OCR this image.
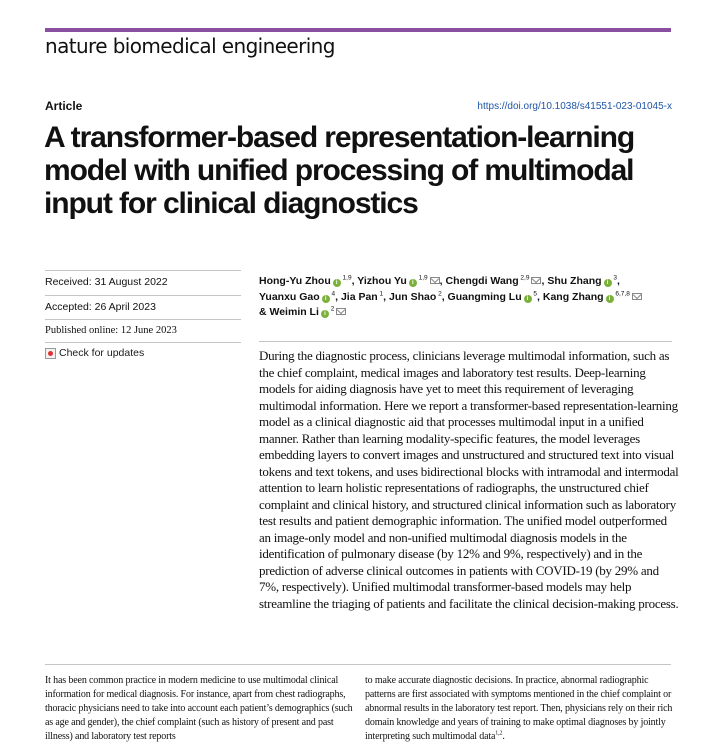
nature biomedical engineering
Article	https://doi.org/10.1038/s41551-023-01045-x
A transformer-based representation-learning model with unified processing of multimodal input for clinical diagnostics
Received: 31 August 2022
Accepted: 26 April 2023
Published online: 12 June 2023
Check for updates
Hong-Yu Zhou i $^{1,9}$, Yizhou Yu i $^{1,9}$ , Chengdi Wang $^{2,9}$ , Shu Zhang i $^3$,
Yuanxu Gao i $^4$, Jia Pan $^1$, Jun Shao $^2$, Guangming Lu i $^5$, Kang Zhang i $^{6,7,8}$
& Weimin Li i $^2$

During the diagnostic process, clinicians leverage multimodal information, such as the chief complaint, medical images and laboratory test results. Deep-learning models for aiding diagnosis have yet to meet this requirement of leveraging multimodal information. Here we report a transformer-based representation-learning model as a clinical diagnostic aid that processes multimodal input in a unified manner. Rather than learning modality-specific features, the model leverages embedding layers to convert images and unstructured and structured text into visual tokens and text tokens, and uses bidirectional blocks with intramodal and intermodal attention to learn holistic representations of radiographs, the unstructured chief complaint and clinical history, and structured clinical information such as laboratory test results and patient demographic information. The unified model outperformed an image-only model and non-unified multimodal diagnosis models in the identification of pulmonary disease (by 12% and 9%, respectively) and in the prediction of adverse clinical outcomes in patients with COVID-19 (by 29% and 7%, respectively). Unified multimodal transformer-based models may help streamline the triaging of patients and facilitate the clinical decision-making process.

It has been common practice in modern medicine to use multimodal clinical information for medical diagnosis. For instance, apart from chest radiographs, thoracic physicians need to take into account each patient’s demographics (such as age and gender), the chief complaint (such as history of present and past illness) and laboratory test reports

to make accurate diagnostic decisions. In practice, abnormal radiographic patterns are first associated with symptoms mentioned in the chief complaint or abnormal results in the laboratory test report. Then, physicians rely on their rich domain knowledge and years of training to make optimal diagnoses by jointly interpreting such multimodal data$^{1,2}$.
